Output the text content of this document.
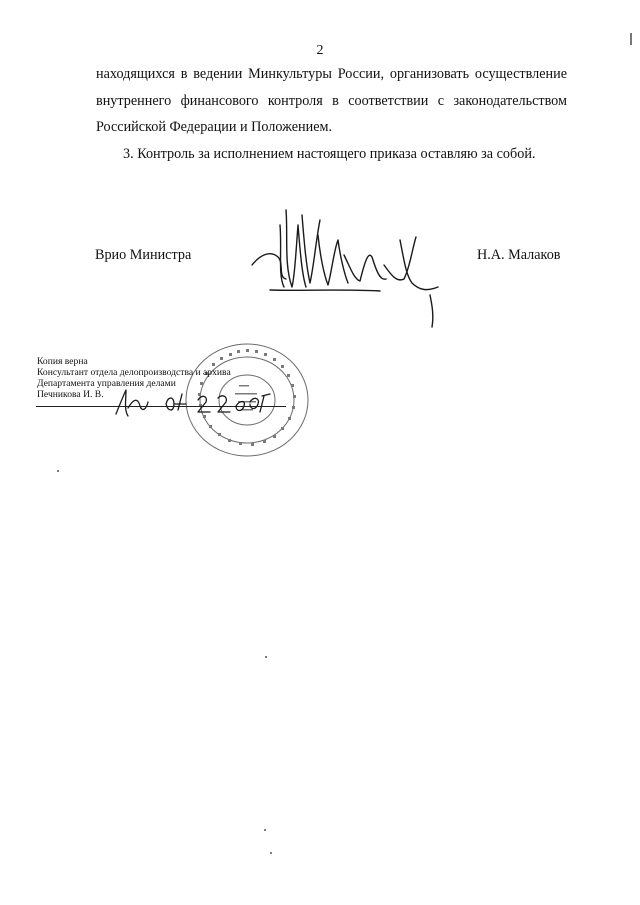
2
находящихся в ведении Минкультуры России, организовать осуществление
внутреннего финансового контроля в соответствии с законодательством
Российской Федерации и Положением.
3. Контроль за исполнением настоящего приказа оставляю за собой.
Врио Министра	Н.А. Малаков
Копия верна
Консультант отдела делопроизводства и архива
Департамента управления делами
Печникова И. В.
